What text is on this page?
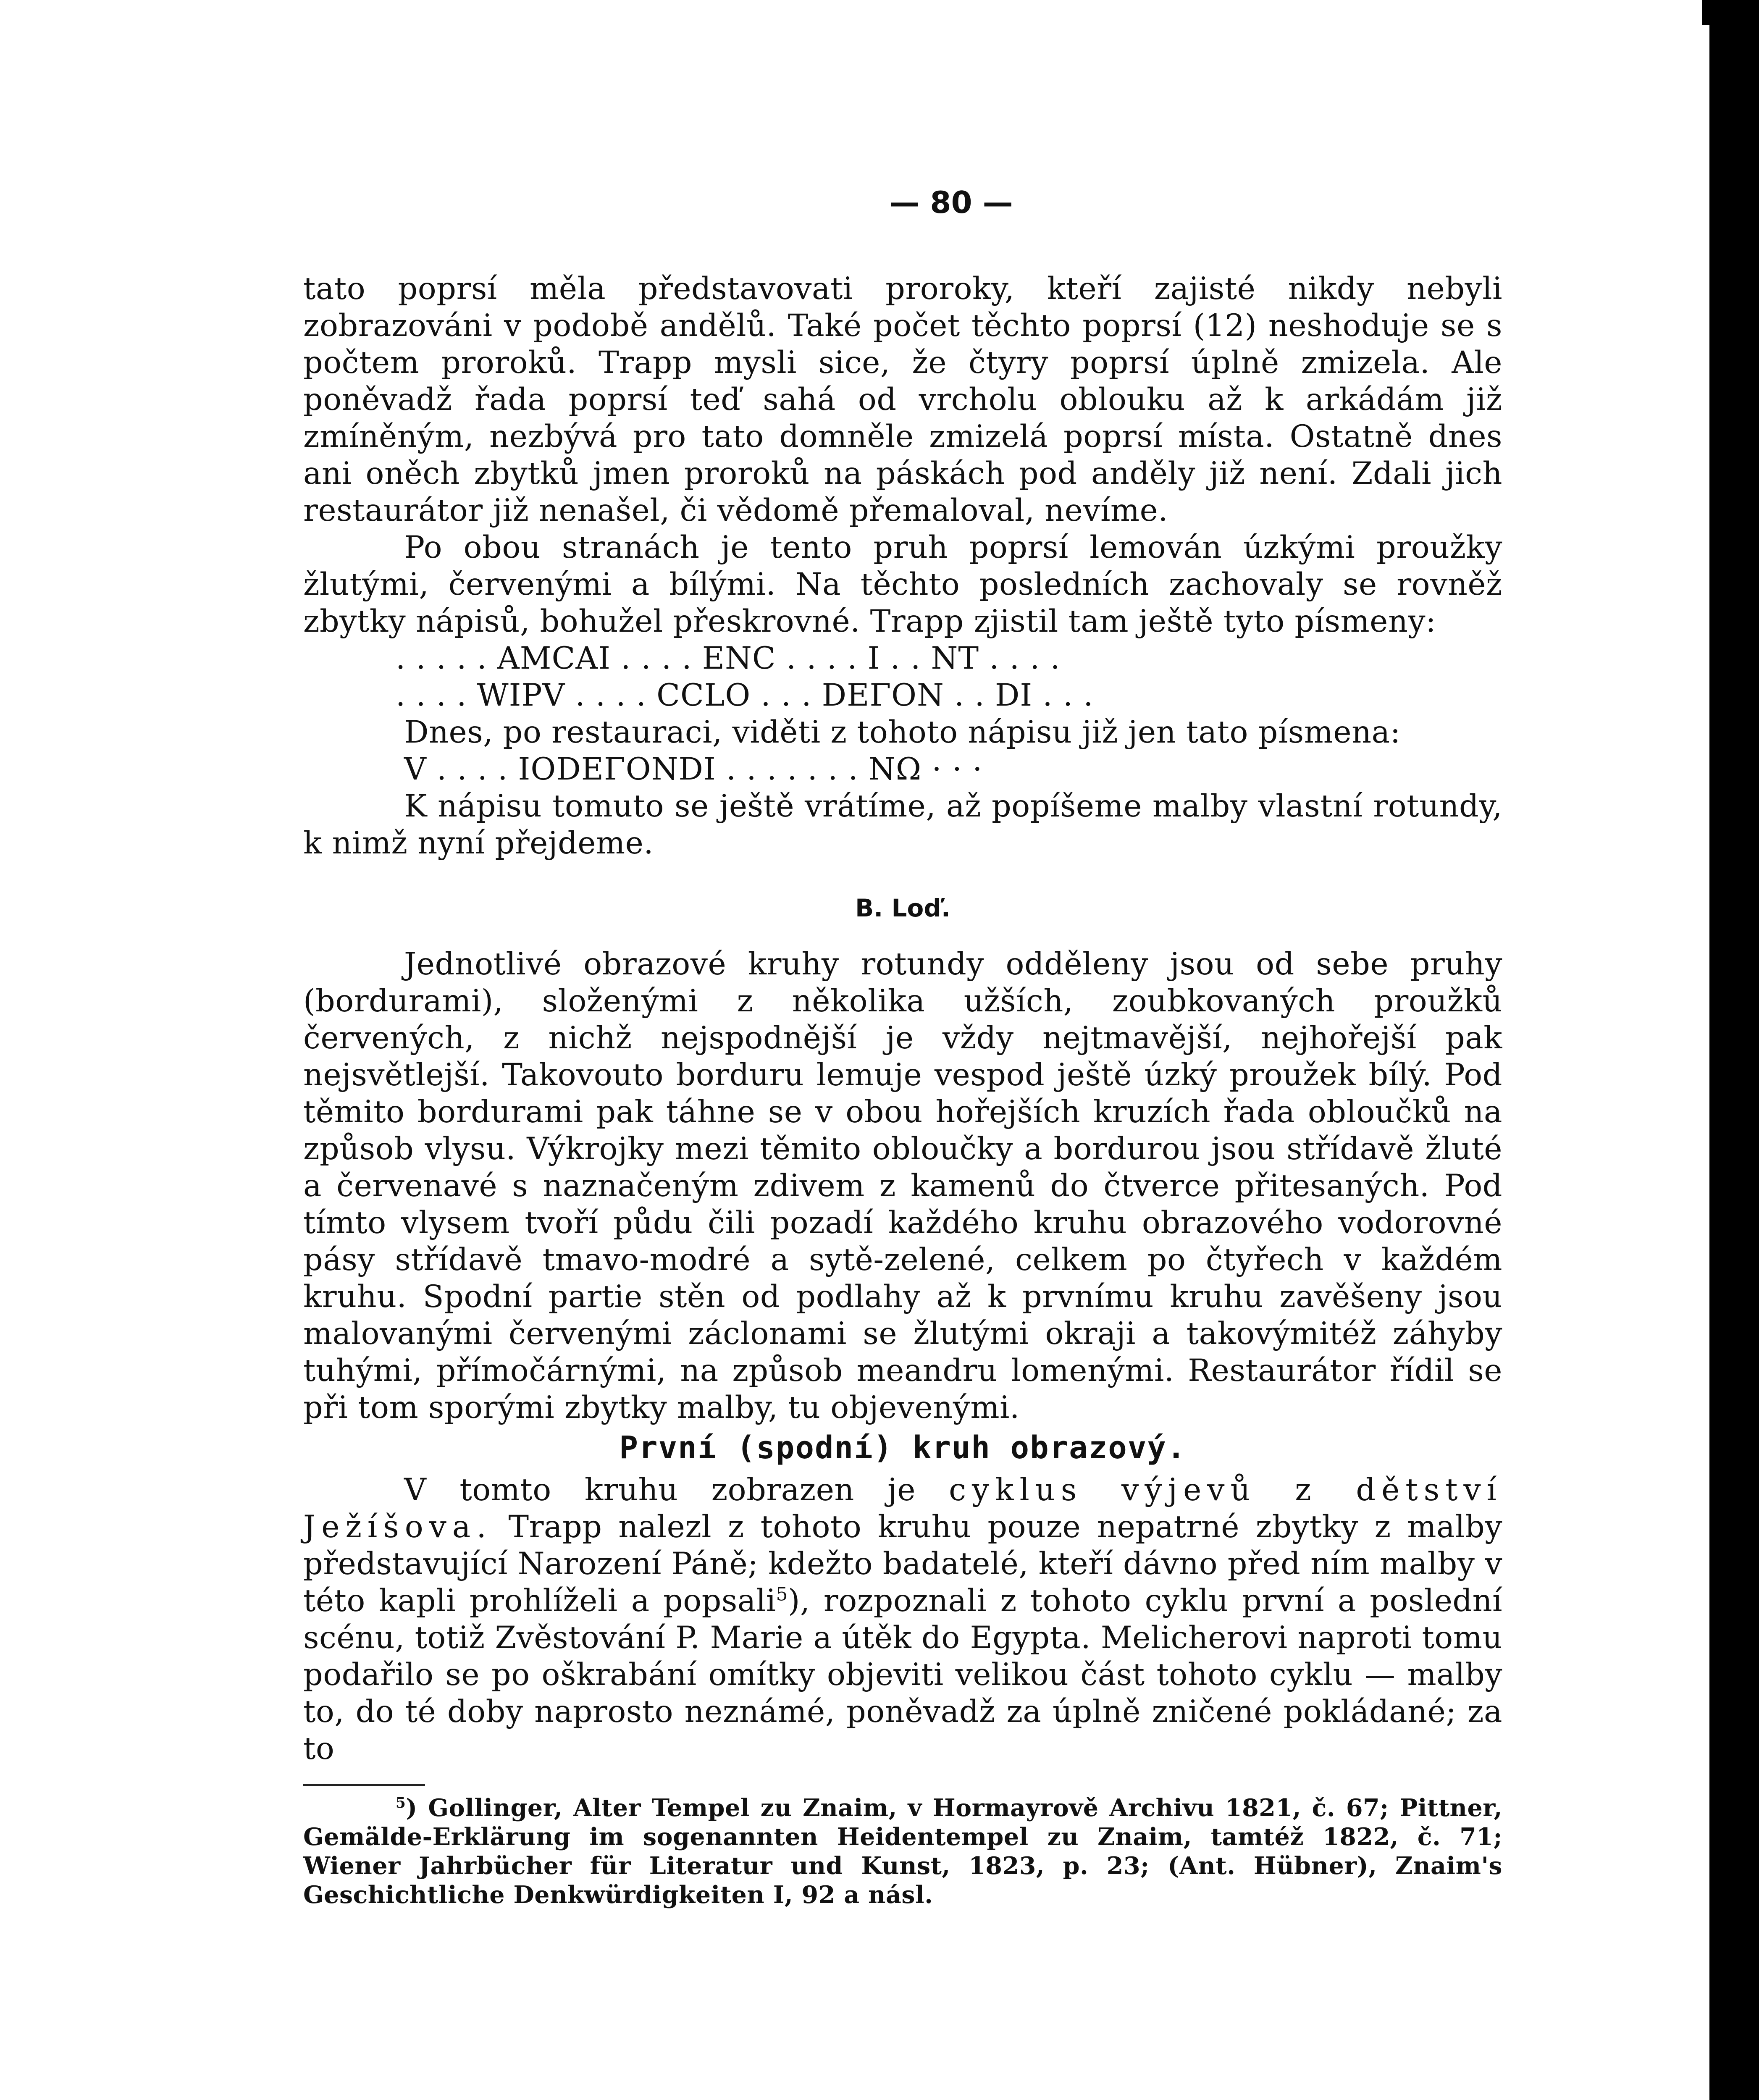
— 80 —

tato poprsí měla představovati proroky, kteří zajisté nikdy nebyli zobrazováni v podobě andělů. Také počet těchto poprsí (12) neshoduje se s počtem proroků. Trapp mysli sice, že čtyry poprsí úplně zmizela. Ale poněvadž řada poprsí teď sahá od vrcholu oblouku až k arkádám již zmíněným, nezbývá pro tato domněle zmizelá poprsí místa. Ostatně dnes ani oněch zbytků jmen proroků na páskách pod anděly již není. Zdali jich restaurátor již nenašel, či vědomě přemaloval, nevíme.

Po obou stranách je tento pruh poprsí lemován úzkými proužky žlutými, červenými a bílými. Na těchto posledních zachovaly se rovněž zbytky nápisů, bohužel přeskrovné. Trapp zjistil tam ještě tyto písmeny:

. . . . . AMCAI . . . . ENC . . . . I . . NT . . . .
. . . . WIPV . . . . CCLO . . . DEΓON . . DI . . .

Dnes, po restauraci, viděti z tohoto nápisu již jen tato písmena:

V . . . . IODEΓONDI . . . . . . . NΩ · · ·

K nápisu tomuto se ještě vrátíme, až popíšeme malby vlastní rotundy, k nimž nyní přejdeme.

B. Loď.

Jednotlivé obrazové kruhy rotundy odděleny jsou od sebe pruhy (bordurami), složenými z několika užších, zoubkovaných proužků červených, z nichž nejspodnější je vždy nejtmavější, nejhořejší pak nejsvětlejší. Takovouto borduru lemuje vespod ještě úzký proužek bílý. Pod těmito bordurami pak táhne se v obou hořejších kruzích řada obloučků na způsob vlysu. Výkrojky mezi těmito obloučky a bordurou jsou střídavě žluté a červenavé s naznačeným zdivem z kamenů do čtverce přitesaných. Pod tímto vlysem tvoří půdu čili pozadí každého kruhu obrazového vodorovné pásy střídavě tmavo-modré a sytě-zelené, celkem po čtyřech v každém kruhu. Spodní partie stěn od podlahy až k prvnímu kruhu zavěšeny jsou malovanými červenými záclonami se žlutými okraji a takovýmitéž záhyby tuhými, přímočárnými, na způsob meandru lomenými. Restaurátor řídil se při tom sporými zbytky malby, tu objevenými.

První (spodní) kruh obrazový.

V tomto kruhu zobrazen je cyklus výjevů z dětství Ježíšova. Trapp nalezl z tohoto kruhu pouze nepatrné zbytky z malby představující Narození Páně; kdežto badatelé, kteří dávno před ním malby v této kapli prohlíželi a popsali$^5$), rozpoznali z tohoto cyklu první a poslední scénu, totiž Zvěstování P. Marie a útěk do Egypta. Melicherovi naproti tomu podařilo se po oškrabání omítky objeviti velikou část tohoto cyklu — malby to, do té doby naprosto neznámé, poněvadž za úplně zničené pokládané; za to

$^5$) Gollinger, Alter Tempel zu Znaim, v Hormayrově Archivu 1821, č. 67; Pittner, Gemälde-Erklärung im sogenannten Heidentempel zu Znaim, tamtéž 1822, č. 71; Wiener Jahrbücher für Literatur und Kunst, 1823, p. 23; (Ant. Hübner), Znaim's Geschichtliche Denkwürdigkeiten I, 92 a násl.
